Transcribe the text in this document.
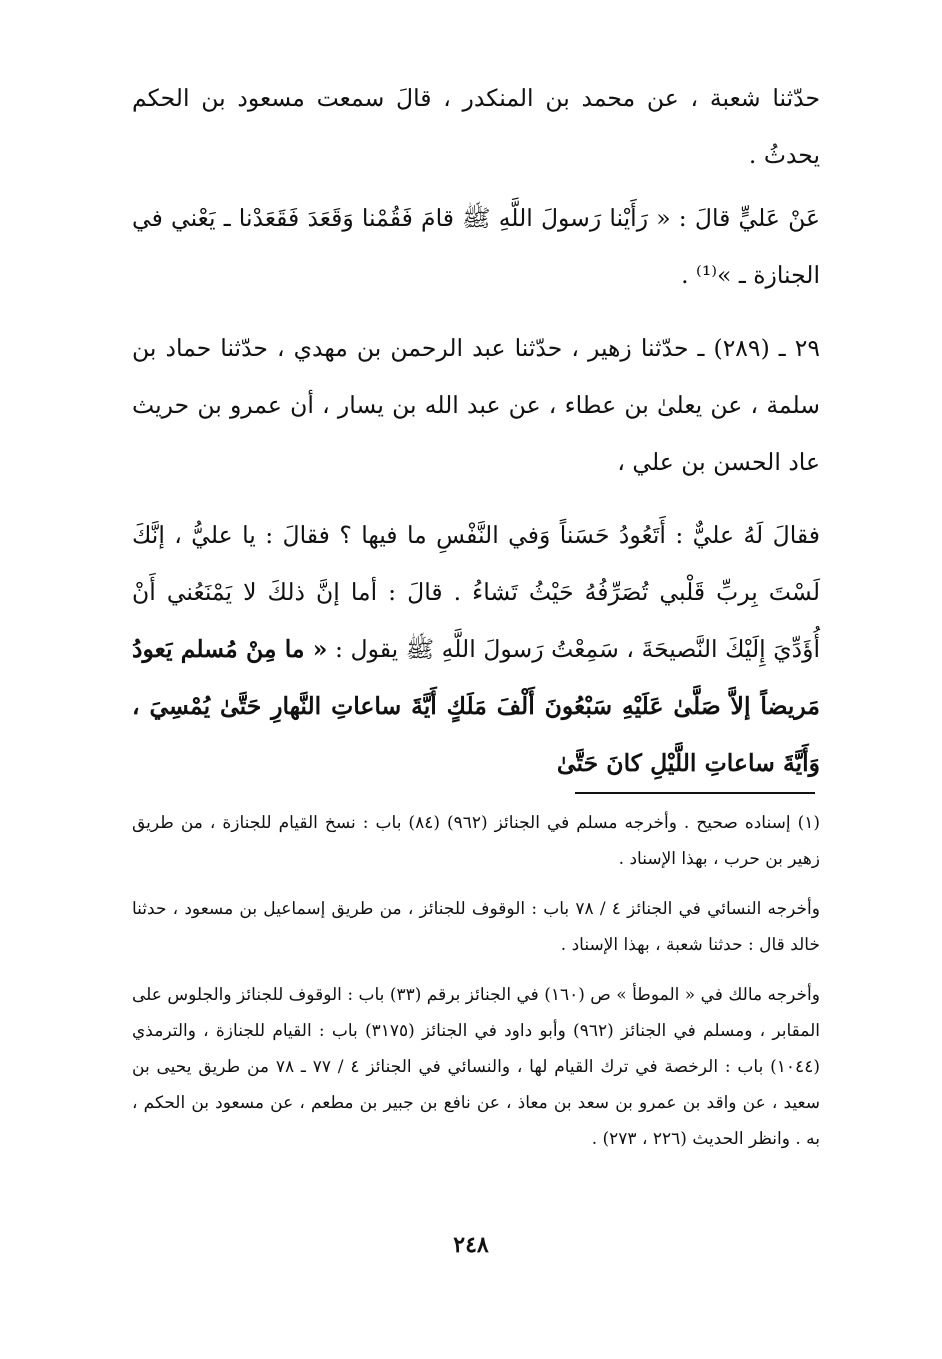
حدّثنا شعبة ، عن محمد بن المنكدر ، قالَ سمعت مسعود بن الحكم يحدثُ .

عَنْ عَليٍّ قالَ : « رَأَيْنا رَسولَ اللَّهِ ﷺ قامَ فَقُمْنا وَقَعَدَ فَقَعَدْنا ـ يَعْني في الجنازة ـ »⁽¹⁾ .

٢٩ ـ (٢٨٩) ـ حدّثنا زهير ، حدّثنا عبد الرحمن بن مهدي ، حدّثنا حماد بن سلمة ، عن يعلىٰ بن عطاء ، عن عبد الله بن يسار ، أن عمرو بن حريث عاد الحسن بن علي ،

فقالَ لَهُ عليٌّ : أَتَعُودُ حَسَناً وَفي النَّفْسِ ما فيها ؟ فقالَ : يا عليُّ ، إنَّكَ لَسْتَ بِربِّ قَلْبي تُصَرِّفُهُ حَيْثُ تَشاءُ . قالَ : أما إنَّ ذلكَ لا يَمْنَعُني أَنْ أُؤَدِّيَ إِلَيْكَ النَّصيحَةَ ، سَمِعْتُ رَسولَ اللَّهِ ﷺ يقول : « ما مِنْ مُسلم يَعودُ مَريضاً إلاَّ صَلَّىٰ عَلَيْهِ سَبْعُونَ أَلْفَ مَلَكٍ أَيَّةَ ساعاتِ النَّهارِ حَتَّىٰ يُمْسِيَ ، وَأَيَّةَ ساعاتِ اللَّيْلِ كانَ حَتَّىٰ

(١) إسناده صحيح . وأخرجه مسلم في الجنائز (٩٦٢) (٨٤) باب : نسخ القيام للجنازة ، من طريق زهير بن حرب ، بهذا الإسناد .

وأخرجه النسائي في الجنائز ٤ / ٧٨ باب : الوقوف للجنائز ، من طريق إسماعيل بن مسعود ، حدثنا خالد قال : حدثنا شعبة ، بهذا الإسناد .

وأخرجه مالك في « الموطأ » ص (١٦٠) في الجنائز برقم (٣٣) باب : الوقوف للجنائز والجلوس على المقابر ، ومسلم في الجنائز (٩٦٢) وأبو داود في الجنائز (٣١٧٥) باب : القيام للجنازة ، والترمذي (١٠٤٤) باب : الرخصة في ترك القيام لها ، والنسائي في الجنائز ٤ / ٧٧ ـ ٧٨ من طريق يحيى بن سعيد ، عن واقد بن عمرو بن سعد بن معاذ ، عن نافع بن جبير بن مطعم ، عن مسعود بن الحكم ، به . وانظر الحديث (٢٢٦ ، ٢٧٣) .

٢٤٨
